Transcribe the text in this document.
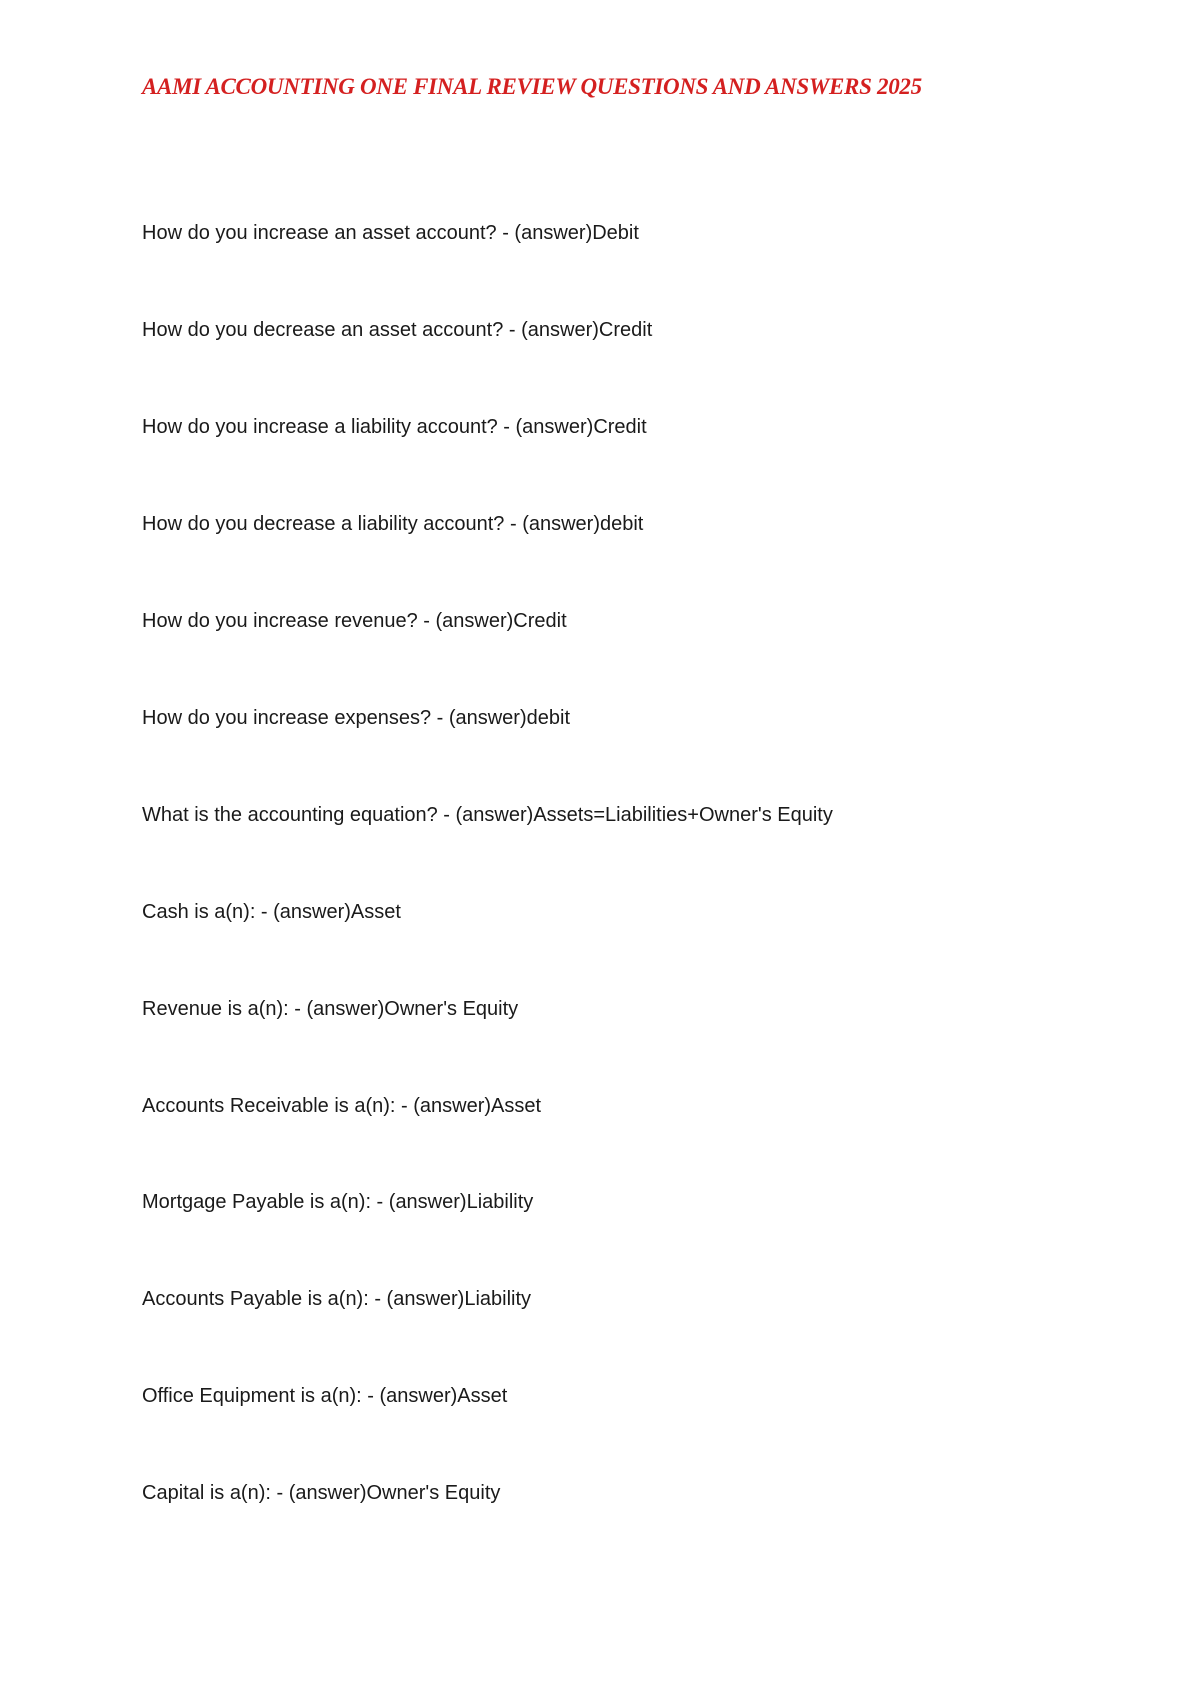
AAMI ACCOUNTING ONE FINAL REVIEW QUESTIONS AND ANSWERS 2025
How do you increase an asset account? - (answer)Debit
How do you decrease an asset account? - (answer)Credit
How do you increase a liability account? - (answer)Credit
How do you decrease a liability account? - (answer)debit
How do you increase revenue? - (answer)Credit
How do you increase expenses? - (answer)debit
What is the accounting equation? - (answer)Assets=Liabilities+Owner's Equity
Cash is a(n): - (answer)Asset
Revenue is a(n): - (answer)Owner's Equity
Accounts Receivable is a(n): - (answer)Asset
Mortgage Payable is a(n): - (answer)Liability
Accounts Payable is a(n): - (answer)Liability
Office Equipment is a(n): - (answer)Asset
Capital is a(n): - (answer)Owner's Equity
